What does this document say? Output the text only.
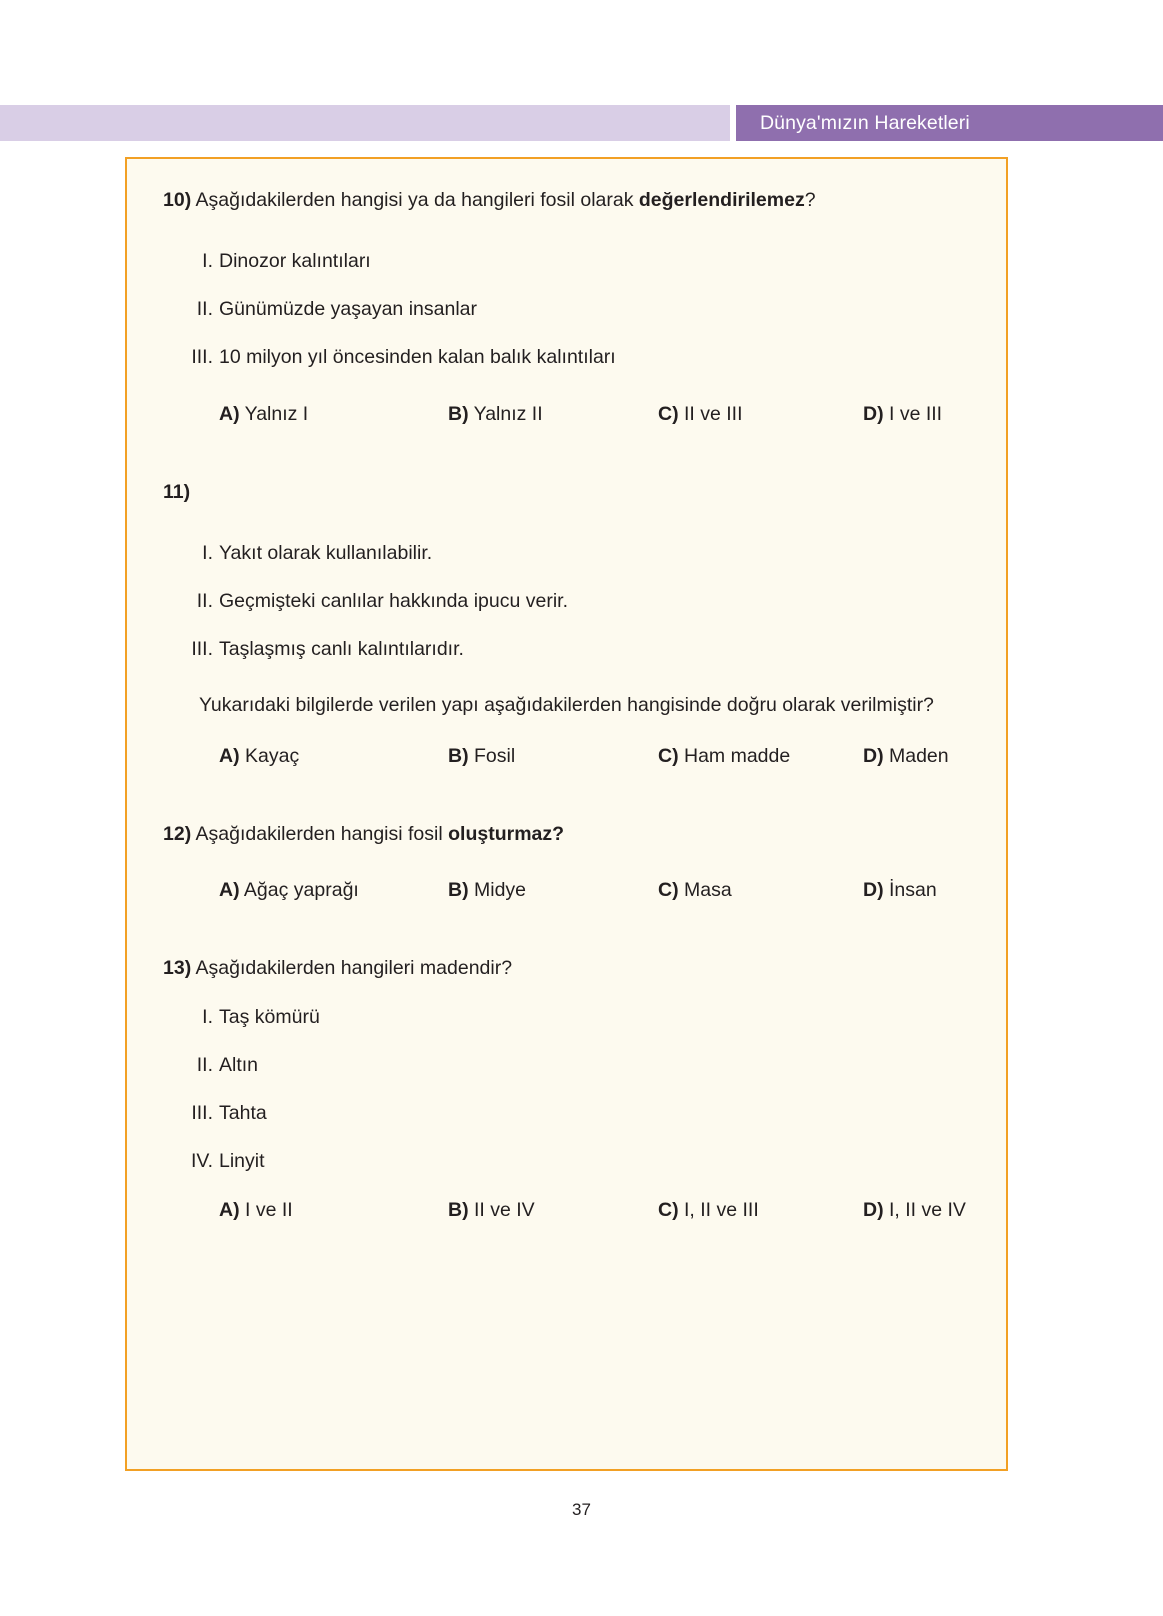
Dünya'mızın Hareketleri

10) Aşağıdakilerden hangisi ya da hangileri fosil olarak değerlendirilemez?

I. Dinozor kalıntıları
II. Günümüzde yaşayan insanlar
III. 10 milyon yıl öncesinden kalan balık kalıntıları
A) Yalnız I	B) Yalnız II	C) II ve III	D) I ve III

11)

I. Yakıt olarak kullanılabilir.
II. Geçmişteki canlılar hakkında ipucu verir.
III. Taşlaşmış canlı kalıntılarıdır.

Yukarıdaki bilgilerde verilen yapı aşağıdakilerden hangisinde doğru olarak verilmiştir?

A) Kayaç	B) Fosil	C) Ham madde	D) Maden

12) Aşağıdakilerden hangisi fosil oluşturmaz?

A) Ağaç yaprağı	B) Midye	C) Masa	D) İnsan

13) Aşağıdakilerden hangileri madendir?

I. Taş kömürü
II. Altın
III. Tahta
IV. Linyit
A) I ve II	B) II ve IV	C) I, II ve III	D) I, II ve IV
37
